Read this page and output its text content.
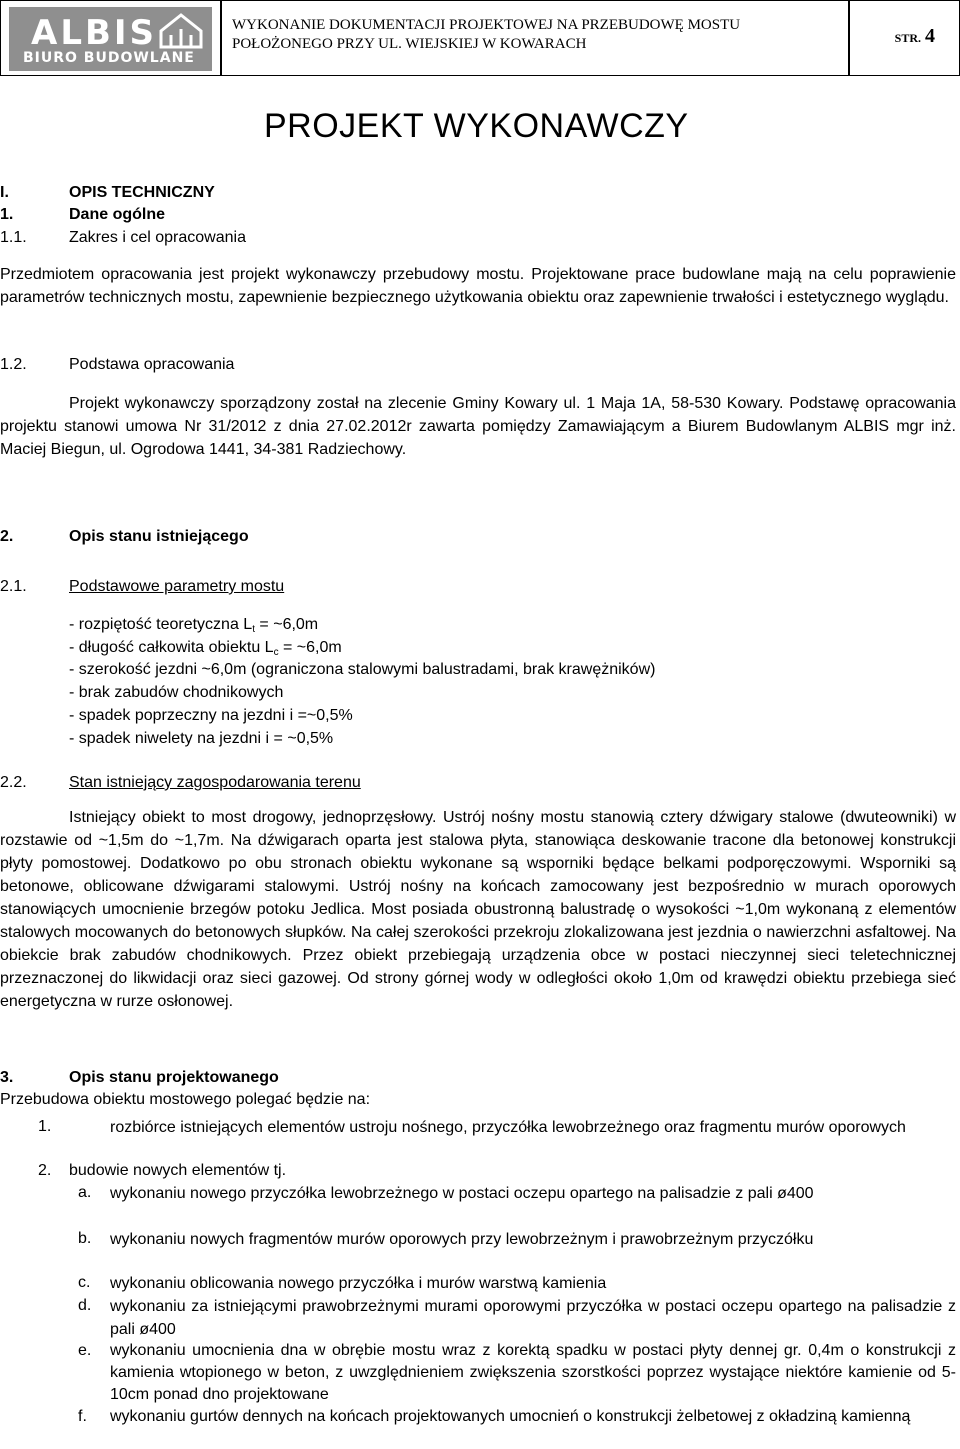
ALBIS
BIURO BUDOWLANE
WYKONANIE DOKUMENTACJI PROJEKTOWEJ NA PRZEBUDOWĘ MOSTU
POŁOŻONEGO PRZY UL. WIEJSKIEJ W KOWARACH	STR. 4
PROJEKT WYKONAWCZY
I.	OPIS TECHNICZNY
1.	Dane ogólne
1.1.	Zakres i cel opracowania
Przedmiotem opracowania jest projekt wykonawczy przebudowy mostu. Projektowane prace budowlane mają na celu poprawienie parametrów technicznych mostu, zapewnienie bezpiecznego użytkowania obiektu oraz zapewnienie trwałości i estetycznego wyglądu.
1.2.	Podstawa opracowania
Projekt wykonawczy sporządzony został na zlecenie Gminy Kowary ul. 1 Maja 1A, 58-530 Kowary. Podstawę opracowania projektu stanowi umowa Nr 31/2012 z dnia 27.02.2012r zawarta pomiędzy Zamawiającym a Biurem Budowlanym ALBIS mgr inż. Maciej Biegun, ul. Ogrodowa 1441, 34-381 Radziechowy.
2.	Opis stanu istniejącego
2.1.	Podstawowe parametry mostu
- rozpiętość teoretyczna $L_t$ = ~6,0m
- długość całkowita obiektu $L_c$ = ~6,0m
- szerokość jezdni ~6,0m (ograniczona stalowymi balustradami, brak krawężników)
- brak zabudów chodnikowych
- spadek poprzeczny na jezdni i =~0,5%
- spadek niwelety na jezdni i = ~0,5%
2.2.	Stan istniejący zagospodarowania terenu
Istniejący obiekt to most drogowy, jednoprzęsłowy. Ustrój nośny mostu stanowią cztery dźwigary stalowe (dwuteowniki) w rozstawie od ~1,5m do ~1,7m. Na dźwigarach oparta jest stalowa płyta, stanowiąca deskowanie tracone dla betonowej konstrukcji płyty pomostowej. Dodatkowo po obu stronach obiektu wykonane są wsporniki będące belkami podporęczowymi. Wsporniki są betonowe, oblicowane dźwigarami stalowymi. Ustrój nośny na końcach zamocowany jest bezpośrednio w murach oporowych stanowiących umocnienie brzegów potoku Jedlica. Most posiada obustronną balustradę o wysokości ~1,0m wykonaną z elementów stalowych mocowanych do betonowych słupków. Na całej szerokości przekroju zlokalizowana jest jezdnia o nawierzchni asfaltowej. Na obiekcie brak zabudów chodnikowych. Przez obiekt przebiegają urządzenia obce w postaci nieczynnej sieci teletechnicznej przeznaczonej do likwidacji oraz sieci gazowej. Od strony górnej wody w odległości około 1,0m od krawędzi obiektu przebiega sieć energetyczna w rurze osłonowej.
3.	Opis stanu projektowanego
Przebudowa obiektu mostowego polegać będzie na:
1.	rozbiórce istniejących elementów ustroju nośnego, przyczółka lewobrzeżnego oraz fragmentu murów oporowych
2. budowie nowych elementów tj.
a. wykonaniu nowego przyczółka lewobrzeżnego w postaci oczepu opartego na palisadzie z pali ø400
b. wykonaniu nowych fragmentów murów oporowych przy lewobrzeżnym i prawobrzeżnym przyczółku
c. wykonaniu oblicowania nowego przyczółka i murów warstwą kamienia
d. wykonaniu za istniejącymi prawobrzeżnymi murami oporowymi przyczółka w postaci oczepu opartego na palisadzie z pali ø400
e. wykonaniu umocnienia dna w obrębie mostu wraz z korektą spadku w postaci płyty dennej gr. 0,4m o konstrukcji z kamienia wtopionego w beton, z uwzględnieniem zwiększenia szorstkości poprzez wystające niektóre kamienie od 5-10cm ponad dno projektowane
f. wykonaniu gurtów dennych na końcach projektowanych umocnień o konstrukcji żelbetowej z okładziną kamienną
